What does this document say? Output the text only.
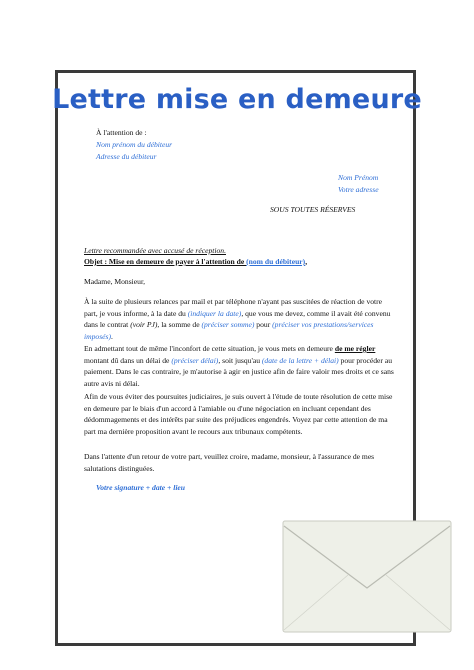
Lettre mise en demeure
À l'attention de :
Nom prénom du débiteur
Adresse du débiteur
Nom Prénom
Votre adresse
SOUS TOUTES RÉSERVES
Lettre recommandée avec accusé de réception.
Objet : Mise en demeure de payer à l'attention de (nom du débiteur),
Madame, Monsieur,
À la suite de plusieurs relances par mail et par téléphone n'ayant pas suscitées de réaction de votre
part, je vous informe, à la date du (indiquer la date), que vous me devez, comme il avait été convenu
dans le contrat (voir PJ), la somme de (préciser somme) pour (préciser vos prestations/services
imposés).
En admettant tout de même l'inconfort de cette situation, je vous mets en demeure de me régler
montant dû dans un délai de (préciser délai), soit jusqu'au (date de la lettre + délai) pour procéder au
paiement. Dans le cas contraire, je m'autorise à agir en justice afin de faire valoir mes droits et ce sans
autre avis ni délai.
Afin de vous éviter des poursuites judiciaires, je suis ouvert à l'étude de toute résolution de cette mise
en demeure par le biais d'un accord à l'amiable ou d'une négociation en incluant cependant des
dédommagements et des intérêts par suite des préjudices engendrés. Voyez par cette attention de ma
part ma dernière proposition avant le recours aux tribunaux compétents.
Dans l'attente d'un retour de votre part, veuillez croire, madame, monsieur, à l'assurance de mes
salutations distinguées.
Votre signature + date + lieu
